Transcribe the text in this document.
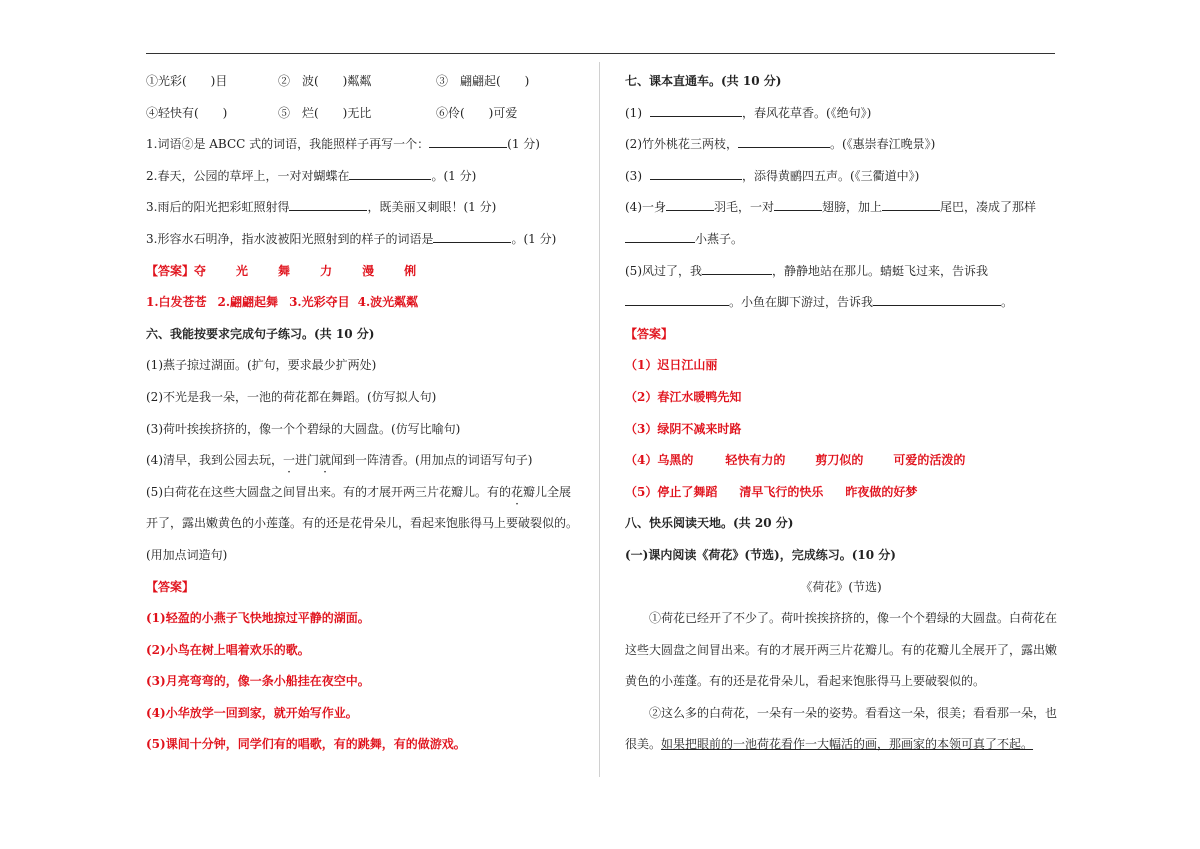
①光彩(　　)目	②　波(　　)粼粼	③　翩翩起(　　)
④轻快有(　　)	⑤　烂(　　)无比	⑥伶(　　)可爱
1.词语②是 ABCC 式的词语，我能照样子再写一个：	(1 分)
2.春天，公园的草坪上，一对对蝴蝶在	。(1 分)
3.雨后的阳光把彩虹照射得	，既美丽又刺眼！(1 分)
3.形容水石明净，指水波被阳光照射到的样子的词语是	。(1 分)
【答案】夺	光	舞	力	漫	俐
1.白发苍苍 2.翩翩起舞 3.光彩夺目 4.波光粼粼
六、我能按要求完成句子练习。(共 10 分)
(1)燕子掠过湖面。(扩句，要求最少扩两处)
(2)不光是我一朵，一池的荷花都在舞蹈。(仿写拟人句)
(3)荷叶挨挨挤挤的，像一个个碧绿的大圆盘。(仿写比喻句)
(4)清早，我到公园去玩，一进门就闻到一阵清香。(用加点的词语写句子)
(5)白荷花在这些大圆盘之间冒出来。有的才展开两三片花瓣儿。有的花瓣儿全展
开了，露出嫩黄色的小莲蓬。有的还是花骨朵儿，看起来饱胀得马上要破裂似的。
(用加点词造句)
【答案】
(1)轻盈的小燕子飞快地掠过平静的湖面。
(2)小鸟在树上唱着欢乐的歌。
(3)月亮弯弯的，像一条小船挂在夜空中。
(4)小华放学一回到家，就开始写作业。
(5)课间十分钟，同学们有的唱歌，有的跳舞，有的做游戏。
七、课本直通车。(共 10 分)
(1)	，春风花草香。(《绝句》)
(2)竹外桃花三两枝，	。(《惠崇春江晚景》)
(3)	，添得黄鹂四五声。(《三衢道中》)
(4)一身	羽毛，一对	翅膀，加上	尾巴，凑成了那样
小燕子。
(5)风过了，我	，静静地站在那儿。蜻蜓飞过来，告诉我
。小鱼在脚下游过，告诉我	。
【答案】
（1）迟日江山丽
（2）春江水暖鸭先知
（3）绿阴不减来时路
（4）乌黑的	轻快有力的	剪刀似的	可爱的活泼的
（5）停止了舞蹈 清早飞行的快乐 昨夜做的好梦
八、快乐阅读天地。(共 20 分)
(一)课内阅读《荷花》(节选)，完成练习。(10 分)
《荷花》(节选)
①荷花已经开了不少了。荷叶挨挨挤挤的，像一个个碧绿的大圆盘。白荷花在
这些大圆盘之间冒出来。有的才展开两三片花瓣儿。有的花瓣儿全展开了，露出嫩
黄色的小莲蓬。有的还是花骨朵儿，看起来饱胀得马上要破裂似的。
②这么多的白荷花，一朵有一朵的姿势。看看这一朵，很美；看看那一朵，也
很美。如果把眼前的一池荷花看作一大幅活的画，那画家的本领可真了不起。
